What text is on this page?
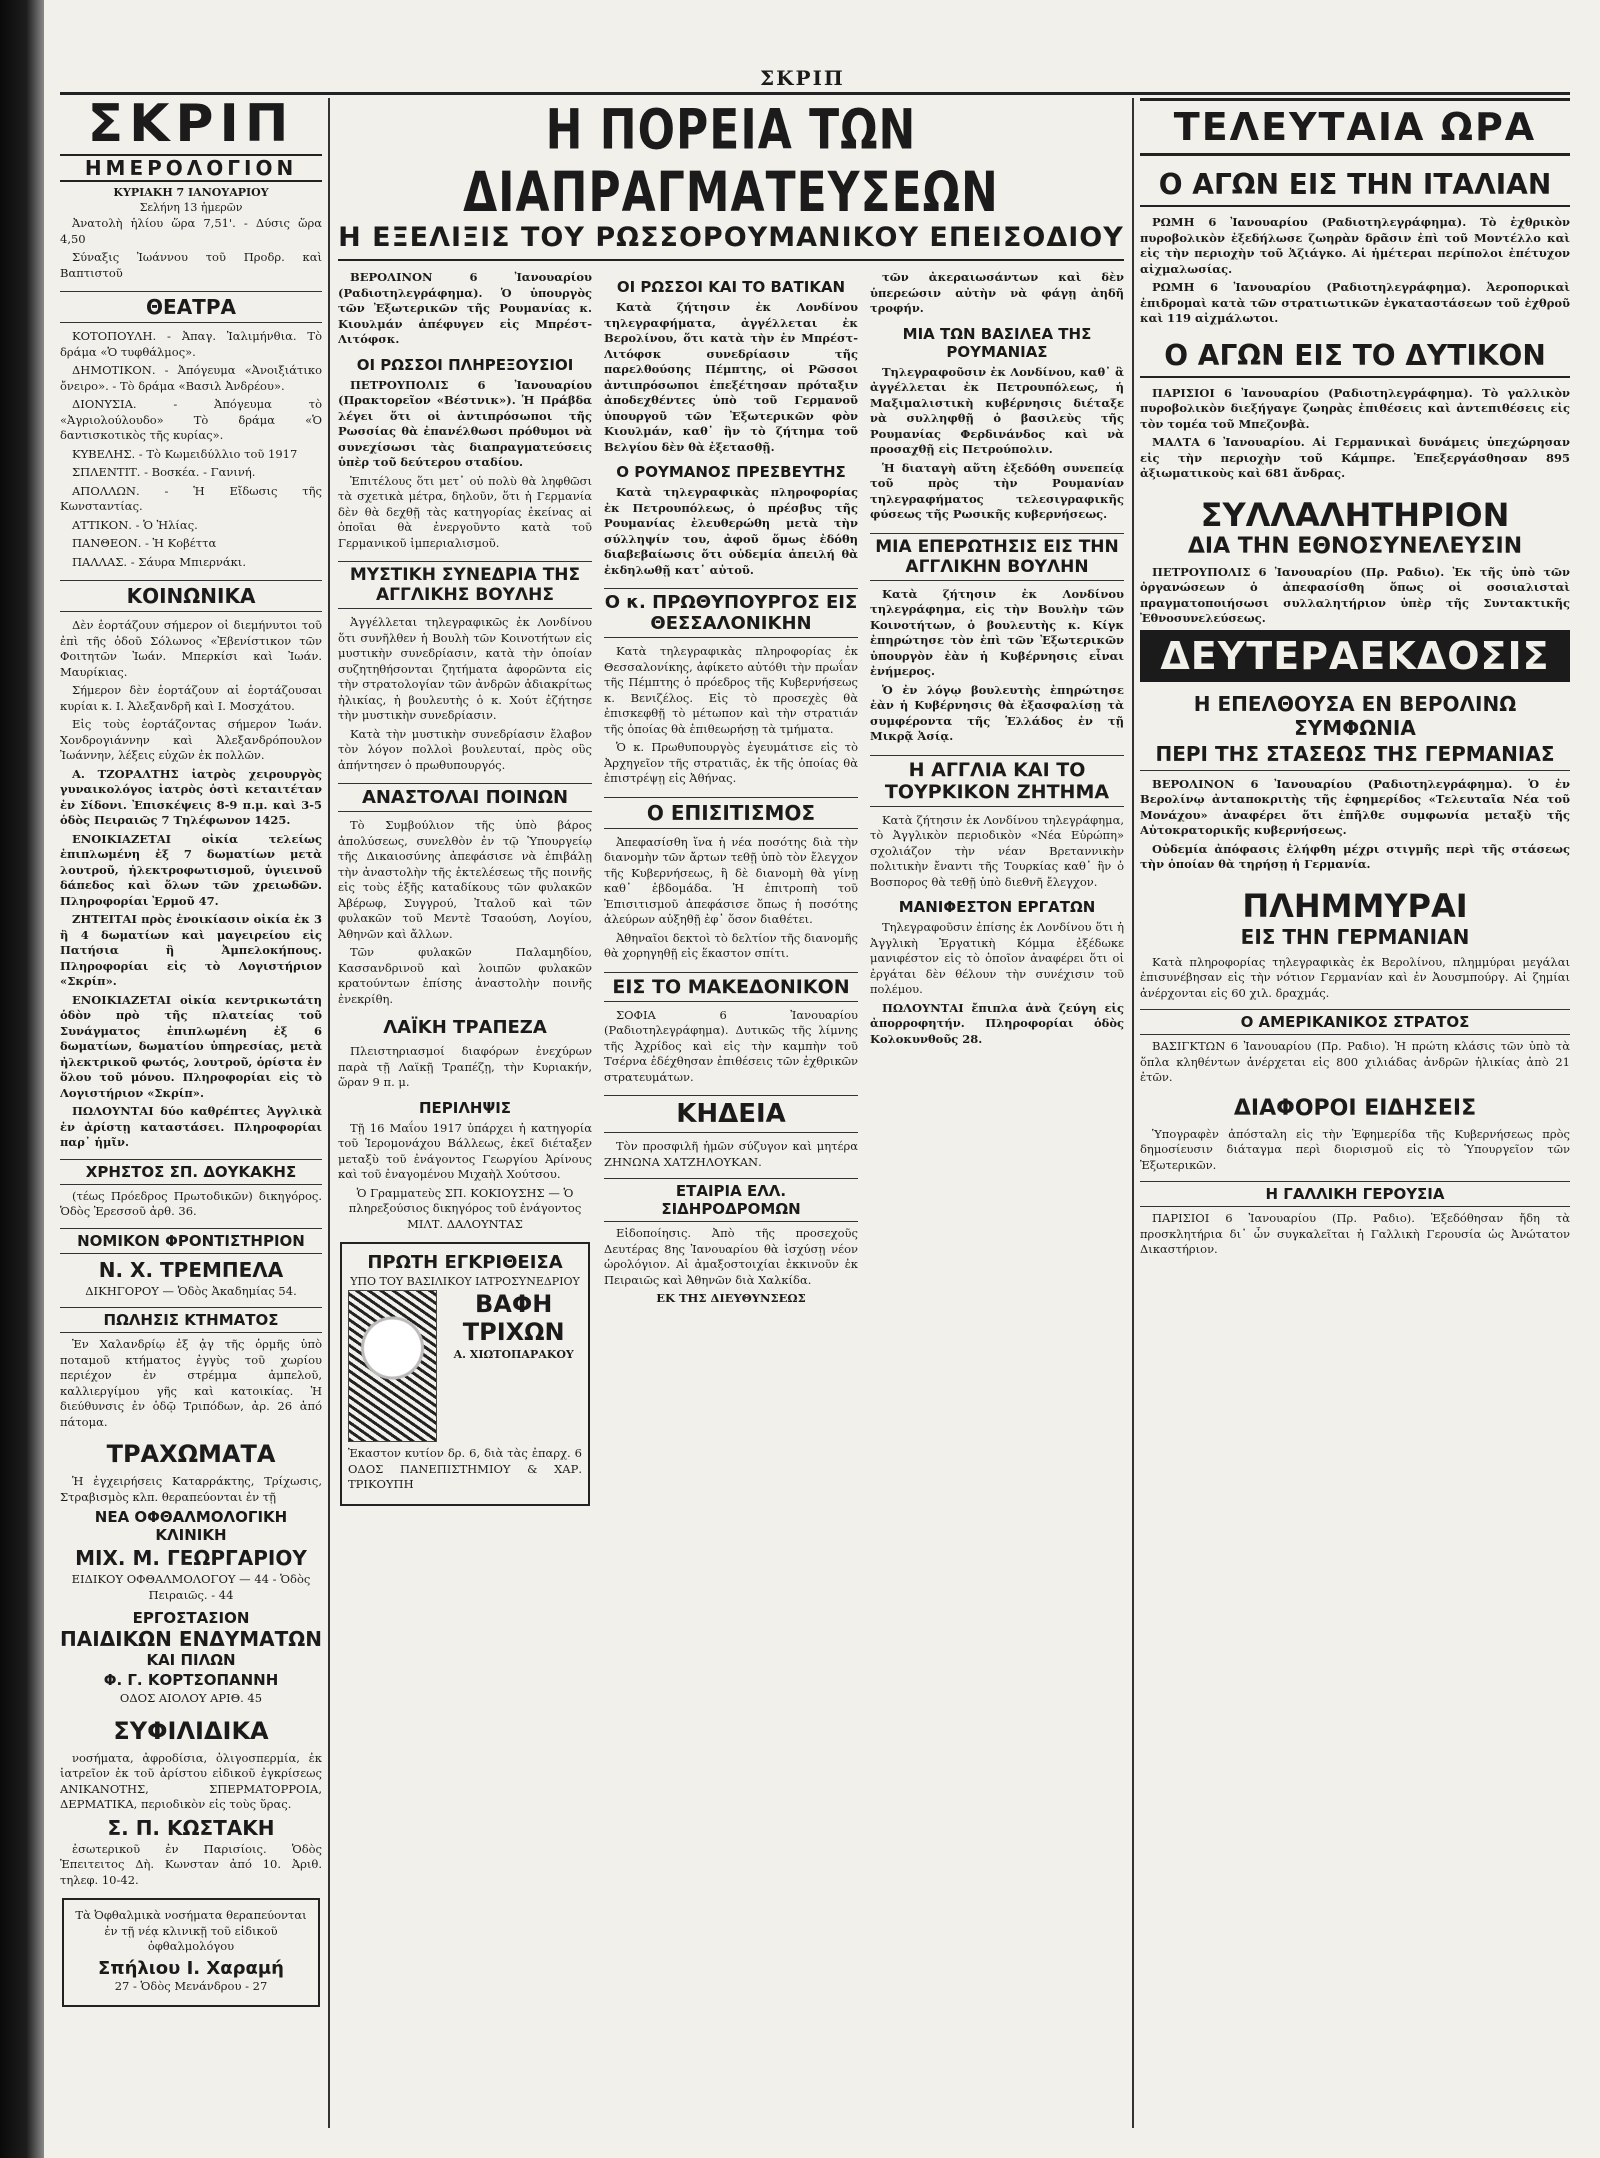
ΣΚΡΙΠ
ΣΚΡΙΠ
ΗΜΕΡΟΛΟΓΙΟΝ
ΚΥΡΙΑΚΗ 7 ΙΑΝΟΥΑΡΙΟΥ
Σελήνη 13 ἡμερῶν

Ἀνατολὴ ἡλίου ὥρα 7,51'. - Δύσις ὥρα 4,50

Σύναξις Ἰωάννου τοῦ Προδρ. καὶ Βαπτιστοῦ

ΘΕΑΤΡΑ

ΚΟΤΟΠΟΥΛΗ. - Ἀπαγ. Ἱαλιμήνθια. Τὸ δράμα «Ὁ τυφθάλμος».

ΔΗΜΟΤΙΚΟΝ. - Ἀπόγευμα «Ἀνοιξιάτικο ὄνειρο». - Τὸ δράμα «Βασιλ Ἀνδρέου».

ΔΙΟΝΥΣΙΑ. - Ἀπόγευμα τὸ «Ἀγριολούλουδο» Τὸ δράμα «Ὁ δαντισκοτικὸς τῆς κυρίας».

ΚΥΒΕΛΗΣ. - Τὸ Κωμειδύλλιο τοῦ 1917

ΣΠΛΕΝΤΙΤ. - Βοσκέα. - Γανινή.

ΑΠΟΛΛΩΝ. - Ἡ Εἴδωσις τῆς Κωνσταντίας.

ΑΤΤΙΚΟΝ. - Ὁ Ἠλίας.

ΠΑΝΘΕΟΝ. - Ἡ Κοβέττα

ΠΑΛΛΑΣ. - Σάυρα Μπιερνάκι.

ΚΟΙΝΩΝΙΚΑ

Δὲν ἑορτάζουν σήμερον οἱ διεμήνυτοι τοῦ ἐπὶ τῆς ὁδοῦ Σόλωνος «Ἐβενίστικον τῶν Φοιτητῶν Ἰωάν. Μπερκίσι καὶ Ἰωάν. Μαυρίκιας.

Σήμερον δὲν ἑορτάζουν αἱ ἑορτάζουσαι κυρίαι κ. Ι. Ἀλεξανδρῆ καὶ Ι. Μοσχάτου.

Εἰς τοὺς ἑορτάζοντας σήμερον Ἰωάν. Χονδρογιάννην καὶ Ἀλεξανδρόπουλον Ἰωάννην, λέξεις εὐχῶν ἐκ πολλῶν.

Α. ΤΖΟΡΑΛΤΗΣ ἰατρὸς χειρουργὸς γυναικολόγος ἰατρὸς ὁστὶ κεταιτέταν ἐν Σίδονι. Ἐπισκέψεις 8-9 π.μ. καὶ 3-5 ὁδὸς Πειραιῶς 7 Τηλέφωνον 1425.

ΕΝΟΙΚΙΑΖΕΤΑΙ οἰκία τελείως ἐπιπλωμένη ἐξ 7 δωματίων μετὰ λουτροῦ, ἠλεκτροφωτισμοῦ, ὑγιεινοῦ δάπεδος καὶ ὅλων τῶν χρειωδῶν. Πληροφορίαι Ἐρμοῦ 47.

ΖΗΤΕΙΤΑΙ πρὸς ἐνοικίασιν οἰκία ἐκ 3 ἢ 4 δωματίων καὶ μαγειρείου εἰς Πατήσια ἢ Ἀμπελοκήπους. Πληροφορίαι εἰς τὸ Λογιστήριον «Σκρίπ».

ΕΝΟΙΚΙΑΖΕΤΑΙ οἰκία κεντρικωτάτη ὁδὸν πρὸ τῆς πλατείας τοῦ Συνάγματος ἐπιπλωμένη ἐξ 6 δωματίων, δωματίου ὑπηρεσίας, μετὰ ἠλεκτρικοῦ φωτός, λουτροῦ, ὁρίστα ἐν ὅλου τοῦ μόνου. Πληροφορίαι εἰς τὸ Λογιστήριον «Σκρίπ».

ΠΩΛΟΥΝΤΑΙ δύο καθρέπτες Ἀγγλικὰ ἐν ἀρίστῃ καταστάσει. Πληροφορίαι παρ᾽ ἡμῖν.

ΧΡΗΣΤΟΣ ΣΠ. ΔΟΥΚΑΚΗΣ

(τέως Πρόεδρος Πρωτοδικῶν) δικηγόρος. Ὁδὸς Ἐρεσσοῦ ἀρθ. 36.

ΝΟΜΙΚΟΝ ΦΡΟΝΤΙΣΤΗΡΙΟΝ
Ν. Χ. ΤΡΕΜΠΕΛΑ

ΔΙΚΗΓΟΡΟΥ — Ὁδὸς Ἀκαδημίας 54.

ΠΩΛΗΣΙΣ ΚΤΗΜΑΤΟΣ

Ἐν Χαλανδρίῳ ἐξ ᾀγ τῆς ὁρμῆς ὑπὸ ποταμοῦ κτήματος ἐγγὺς τοῦ χωρίου περιέχον ἐν στρέμμα ἀμπελοῦ, καλλιεργίμου γῆς καὶ κατοικίας. Ἡ διεύθυνσις ἐν ὁδῷ Τριπόδων, ἀρ. 26 ἀπό πάτομα.

ΤΡΑΧΩΜΑΤΑ

Ἡ ἐγχειρήσεις Καταρράκτης, Τρίχωσις, Στραβισμὸς κλπ. θεραπεύονται ἐν τῇ

ΝΕΑ ΟΦΘΑΛΜΟΛΟΓΙΚΗ ΚΛΙΝΙΚΗ
ΜΙΧ. Μ. ΓΕΩΡΓΑΡΙΟΥ

ΕΙΔΙΚΟΥ ΟΦΘΑΛΜΟΛΟΓΟΥ — 44 - Ὁδὸς Πειραιῶς. - 44

ΕΡΓΟΣΤΑΣΙΟΝ
ΠΑΙΔΙΚΩΝ ΕΝΔΥΜΑΤΩΝ
ΚΑΙ ΠΙΛΩΝ
Φ. Γ. ΚΟΡΤΣΟΠΑΝΝΗ

ΟΔΟΣ ΑΙΟΛΟΥ ΑΡΙΘ. 45

ΣΥΦΙΛΙΔΙΚΑ

νοσήματα, ἀφροδίσια, ὀλιγοσπερμία, ἐκ ἰατρεῖον ἐκ τοῦ ἀρίστου εἰδικοῦ ἐγκρίσεως ΑΝΙΚΑΝΟΤΗΣ, ΣΠΕΡΜΑΤΟΡΡΟΙΑ, ΔΕΡΜΑΤΙΚΑ, περιοδικὸν εἰς τοὺς ὕρας.

Σ. Π. ΚΩΣΤΑΚΗ

ἐσωτερικοῦ ἐν Παρισίοις. Ὁδὸς Ἐπειτειτος Δὴ. Κωνσταν ἀπό 10. Ἀριθ. τηλεφ. 10-42.

Τὰ Ὀφθαλμικὰ νοσήματα θεραπεύονται ἐν τῇ νέᾳ κλινικῇ τοῦ εἰδικοῦ ὀφθαλμολόγου

Σπήλιου Ι. Χαραμή

27 - Ὁδὸς Μενάνδρου - 27

Η ΠΟΡΕΙΑ ΤΩΝ ΔΙΑΠΡΑΓΜΑΤΕΥΣΕΩΝ
Η ΕΞΕΛΙΞΙΣ ΤΟΥ ΡΩΣΣΟΡΟΥΜΑΝΙΚΟΥ ΕΠΕΙΣΟΔΙΟΥ

ΒΕΡΟΛΙΝΟΝ 6 Ἰανουαρίου (Ραδιοτηλεγράφημα). Ὁ ὑπουργὸς τῶν Ἐξωτερικῶν τῆς Ρουμανίας κ. Κιουλμάν ἀπέφυγεν εἰς Μπρέστ-Λιτόφσκ.

ΟΙ ΡΩΣΣΟΙ ΠΛΗΡΕΞΟΥΣΙΟΙ

ΠΕΤΡΟΥΠΟΛΙΣ 6 Ἰανουαρίου (Πρακτορεῖον «Βέστνικ»). Ἡ Πράβδα λέγει ὅτι οἱ ἀντιπρόσωποι τῆς Ρωσσίας θὰ ἐπανέλθωσι πρόθυμοι νὰ συνεχίσωσι τὰς διαπραγματεύσεις ὑπὲρ τοῦ δεύτερου σταδίου.

Ἐπιτέλους ὅτι μετ᾽ οὐ πολὺ θὰ ληφθῶσι τὰ σχετικὰ μέτρα, δηλοῦν, ὅτι ἡ Γερμανία δὲν θὰ δεχθῇ τὰς κατηγορίας ἐκείνας αἱ ὁποῖαι θὰ ἐνεργοῦντο κατὰ τοῦ Γερμανικοῦ ἰμπεριαλισμοῦ.

ΜΥΣΤΙΚΗ ΣΥΝΕΔΡΙΑ ΤΗΣ ΑΓΓΛΙΚΗΣ ΒΟΥΛΗΣ

Ἀγγέλλεται τηλεγραφικῶς ἐκ Λονδίνου ὅτι συνῆλθεν ἡ Βουλὴ τῶν Κοινοτήτων εἰς μυστικὴν συνεδρίασιν, κατὰ τὴν ὁποίαν συζητηθήσονται ζητήματα ἀφορῶντα εἰς τὴν στρατολογίαν τῶν ἀνδρῶν ἀδιακρίτως ἡλικίας, ἡ βουλευτὴς ὁ κ. Χούτ ἐζήτησε τὴν μυστικὴν συνεδρίασιν.

Κατὰ τὴν μυστικὴν συνεδρίασιν ἔλαβον τὸν λόγον πολλοὶ βουλευταί, πρὸς οὓς ἀπήντησεν ὁ πρωθυπουργός.

ΑΝΑΣΤΟΛΑΙ ΠΟΙΝΩΝ

Τὸ Συμβούλιον τῆς ὑπὸ βάρος ἀπολύσεως, συνελθὸν ἐν τῷ Ὑπουργείῳ τῆς Δικαιοσύνης ἀπεφάσισε νὰ ἐπιβάλῃ τὴν ἀναστολὴν τῆς ἐκτελέσεως τῆς ποινῆς εἰς τοὺς ἑξῆς καταδίκους τῶν φυλακῶν Ἀβέρωφ, Συγγρού, Ἰταλοῦ καὶ τῶν φυλακῶν τοῦ Μεντὲ Τσαούση, Λογίου, Ἀθηνῶν καὶ ἄλλων.

Τῶν φυλακῶν Παλαμηδίου, Κασσανδρινοῦ καὶ λοιπῶν φυλακῶν κρατούντων ἐπίσης ἀναστολὴν ποινῆς ἐνεκρίθη.

ΛΑΪΚΗ ΤΡΑΠΕΖΑ

Πλειστηριασμοί διαφόρων ἐνεχύρων παρὰ τῇ Λαϊκῇ Τραπέζῃ, τὴν Κυριακήν, ὥραν 9 π. μ.

ΠΕΡΙΛΗΨΙΣ

Τῇ 16 Μαΐου 1917 ὑπάρχει ἡ κατηγορία τοῦ Ἱερομονάχου Βάλλεως, ἐκεῖ διέταξεν μεταξὺ τοῦ ἐνάγοντος Γεωργίου Ἀρίνους καὶ τοῦ ἐναγομένου Μιχαὴλ Χούτσου.

Ὁ Γραμματεὺς ΣΠ. ΚΟΚΙΟΥΣΗΣ — Ὁ πληρεξούσιος δικηγόρος τοῦ ἐνάγοντος ΜΙΛΤ. ΔΑΛΟΥΝΤΑΣ

ΠΡΩΤΗ ΕΓΚΡΙΘΕΙΣΑ
ΥΠΟ ΤΟΥ ΒΑΣΙΛΙΚΟΥ ΙΑΤΡΟΣΥΝΕΔΡΙΟΥ
ΒΑΦΗ ΤΡΙΧΩΝ
Α. ΧΙΩΤΟΠΑΡΑΚΟΥ

Ἐκαστον κυτίον δρ. 6, διὰ τὰς ἐπαρχ. 6 ΟΔΟΣ ΠΑΝΕΠΙΣΤΗΜΙΟΥ & ΧΑΡ. ΤΡΙΚΟΥΠΗ

ΟΙ ΡΩΣΣΟΙ ΚΑΙ ΤΟ ΒΑΤΙΚΑΝ

Κατὰ ζήτησιν ἐκ Λονδίνου τηλεγραφήματα, ἀγγέλλεται ἐκ Βερολίνου, ὅτι κατὰ τὴν ἐν Μπρέστ-Λιτόφσκ συνεδρίασιν τῆς παρελθούσης Πέμπτης, οἱ Ρῶσσοι ἀντιπρόσωποι ἐπεξέτησαν πρόταξιν ἀποδεχθέντες ὑπὸ τοῦ Γερμανοῦ ὑπουργοῦ τῶν Ἐξωτερικῶν φὸν Κιουλμάν, καθ᾽ ἣν τὸ ζήτημα τοῦ Βελγίου δὲν θὰ ἐξετασθῇ.

Ο ΡΟΥΜΑΝΟΣ ΠΡΕΣΒΕΥΤΗΣ

Κατὰ τηλεγραφικὰς πληροφορίας ἐκ Πετρουπόλεως, ὁ πρέσβυς τῆς Ρουμανίας ἐλευθερώθη μετὰ τὴν σύλληψίν του, ἀφοῦ ὅμως ἐδόθη διαβεβαίωσις ὅτι οὐδεμία ἀπειλή θὰ ἐκδηλωθῇ κατ᾽ αὐτοῦ.

Ο κ. ΠΡΩΘΥΠΟΥΡΓΟΣ ΕΙΣ ΘΕΣΣΑΛΟΝΙΚΗΝ

Κατὰ τηλεγραφικὰς πληροφορίας ἐκ Θεσσαλονίκης, ἀφίκετο αὐτόθι τὴν πρωΐαν τῆς Πέμπτης ὁ πρόεδρος τῆς Κυβερνήσεως κ. Βενιζέλος. Εἰς τὸ προσεχὲς θὰ ἐπισκεφθῇ τὸ μέτωπον καὶ τὴν στρατιάν τῆς ὁποίας θὰ ἐπιθεωρήσῃ τὰ τμήματα.

Ὁ κ. Πρωθυπουργὸς ἐγευμάτισε εἰς τὸ Ἀρχηγεῖον τῆς στρατιᾶς, ἐκ τῆς ὁποίας θὰ ἐπιστρέψῃ εἰς Ἀθήνας.

Ο ΕΠΙΣΙΤΙΣΜΟΣ

Ἀπεφασίσθη ἵνα ἡ νέα ποσότης διὰ τὴν διανομὴν τῶν ἄρτων τεθῇ ὑπὸ τὸν ἔλεγχον τῆς Κυβερνήσεως, ἣ δὲ διανομὴ θὰ γίνῃ καθ᾽ ἑβδομάδα. Ἡ ἐπιτροπὴ τοῦ Ἐπισιτισμοῦ ἀπεφάσισε ὅπως ἡ ποσότης ἀλεύρων αὐξηθῇ ἐφ᾽ ὅσον διαθέτει.

Ἀθηναῖοι δεκτοὶ τὸ δελτίον τῆς διανομῆς θὰ χορηγηθῇ εἰς ἕκαστον σπίτι.

ΕΙΣ ΤΟ ΜΑΚΕΔΟΝΙΚΟΝ

ΣΟΦΙΑ 6 Ἰανουαρίου (Ραδιοτηλεγράφημα). Δυτικῶς τῆς λίμνης τῆς Ἀχρίδος καὶ εἰς τὴν καμπὴν τοῦ Τσέρνα ἐδέχθησαν ἐπιθέσεις τῶν ἐχθρικῶν στρατευμάτων.

ΚΗΔΕΙΑ

Τὸν προσφιλῆ ἡμῶν σύζυγον καὶ μητέρα ΖΗΝΩΝΑ ΧΑΤΖΗΛΟΥΚΑΝ.

ΕΤΑΙΡΙΑ ΕΛΛ. ΣΙΔΗΡΟΔΡΟΜΩΝ

Εἰδοποίησις. Ἀπὸ τῆς προσεχοῦς Δευτέρας 8ης Ἰανουαρίου θὰ ἰσχύσῃ νέον ὡρολόγιον. Αἱ ἀμαξοστοιχίαι ἐκκινοῦν ἐκ Πειραιῶς καὶ Ἀθηνῶν διὰ Χαλκίδα.

ΕΚ ΤΗΣ ΔΙΕΥΘΥΝΣΕΩΣ

τῶν ἀκεραιωσάντων καὶ δὲν ὑπερεώσιν αὐτὴν νὰ φάγῃ ἀηδῆ τροφήν.

ΜΙΑ ΤΩΝ ΒΑΣΙΛΕΑ ΤΗΣ ΡΟΥΜΑΝΙΑΣ

Τηλεγραφοῦσιν ἐκ Λονδίνου, καθ᾽ ἃ ἀγγέλλεται ἐκ Πετρουπόλεως, ἡ Μαξιμαλιστικὴ κυβέρνησις διέταξε νὰ συλληφθῇ ὁ βασιλεὺς τῆς Ρουμανίας Φερδινάνδος καὶ νὰ προσαχθῇ εἰς Πετρούπολιν.

Ἡ διαταγὴ αὕτη ἐξεδόθη συνεπείᾳ τοῦ πρὸς τὴν Ρουμανίαν τηλεγραφήματος τελεσιγραφικῆς φύσεως τῆς Ρωσικῆς κυβερνήσεως.

ΜΙΑ ΕΠΕΡΩΤΗΣΙΣ ΕΙΣ ΤΗΝ ΑΓΓΛΙΚΗΝ ΒΟΥΛΗΝ

Κατὰ ζήτησιν ἐκ Λονδίνου τηλεγράφημα, εἰς τὴν Βουλὴν τῶν Κοινοτήτων, ὁ βουλευτὴς κ. Κίγκ ἐπηρώτησε τὸν ἐπὶ τῶν Ἐξωτερικῶν ὑπουργὸν ἐὰν ἡ Κυβέρνησις εἶναι ἐνήμερος.

Ὁ ἐν λόγῳ βουλευτὴς ἐπηρώτησε ἐὰν ἡ Κυβέρνησις θὰ ἐξασφαλίσῃ τὰ συμφέροντα τῆς Ἑλλάδος ἐν τῇ Μικρᾷ Ἀσίᾳ.

Η ΑΓΓΛΙΑ ΚΑΙ ΤΟ ΤΟΥΡΚΙΚΟΝ ΖΗΤΗΜΑ

Κατὰ ζήτησιν ἐκ Λονδίνου τηλεγράφημα, τὸ Ἀγγλικὸν περιοδικὸν «Νέα Εὐρώπη» σχολιάζον τὴν νέαν Βρεταννικὴν πολιτικὴν ἔναντι τῆς Τουρκίας καθ᾽ ἣν ὁ Βοσπορος θὰ τεθῇ ὑπὸ διεθνῆ ἔλεγχον.

ΜΑΝΙΦΕΣΤΟΝ ΕΡΓΑΤΩΝ

Τηλεγραφοῦσιν ἐπίσης ἐκ Λονδίνου ὅτι ἡ Ἀγγλικὴ Ἐργατικὴ Κόμμα ἐξέδωκε μανιφέστον εἰς τὸ ὁποῖον ἀναφέρει ὅτι οἱ ἐργάται δὲν θέλουν τὴν συνέχισιν τοῦ πολέμου.

ΠΩΛΟΥΝΤΑΙ ἔπιπλα ἀνὰ ζεύγη εἰς ἀπορροφητήν. Πληροφορίαι ὁδὸς Κολοκυνθοῦς 28.

ΤΕΛΕΥΤΑΙΑ ΩΡΑ
Ο ΑΓΩΝ ΕΙΣ ΤΗΝ ΙΤΑΛΙΑΝ

ΡΩΜΗ 6 Ἰανουαρίου (Ραδιοτηλεγράφημα). Τὸ ἐχθρικὸν πυροβολικὸν ἐξεδήλωσε ζωηρὰν δρᾶσιν ἐπὶ τοῦ Μοντέλλο καὶ εἰς τὴν περιοχὴν τοῦ Ἀζιάγκο. Αἱ ἡμέτεραι περίπολοι ἐπέτυχον αἰχμαλωσίας.

ΡΩΜΗ 6 Ἰανουαρίου (Ραδιοτηλεγράφημα). Ἀεροπορικαὶ ἐπιδρομαὶ κατὰ τῶν στρατιωτικῶν ἐγκαταστάσεων τοῦ ἐχθροῦ καὶ 119 αἰχμάλωτοι.

Ο ΑΓΩΝ ΕΙΣ ΤΟ ΔΥΤΙΚΟΝ

ΠΑΡΙΣΙΟΙ 6 Ἰανουαρίου (Ραδιοτηλεγράφημα). Τὸ γαλλικὸν πυροβολικὸν διεξήγαγε ζωηρὰς ἐπιθέσεις καὶ ἀντεπιθέσεις εἰς τὸν τομέα τοῦ Μπεζονβὰ.

ΜΑΛΤΑ 6 Ἰανουαρίου. Αἱ Γερμανικαὶ δυνάμεις ὑπεχώρησαν εἰς τὴν περιοχὴν τοῦ Κάμπρε. Ἐπεξεργάσθησαν 895 ἀξιωματικοὺς καὶ 681 ἄνδρας.

ΣΥΛΛΑΛΗΤΗΡΙΟΝ
ΔΙΑ ΤΗΝ ΕΘΝΟΣΥΝΕΛΕΥΣΙΝ

ΠΕΤΡΟΥΠΟΛΙΣ 6 Ἰανουαρίου (Πρ. Ραδιο). Ἐκ τῆς ὑπὸ τῶν ὀργανώσεων ὁ ἀπεφασίσθη ὅπως οἱ σοσιαλισταὶ πραγματοποιήσωσι συλλαλητήριον ὑπὲρ τῆς Συντακτικῆς Ἐθνοσυνελεύσεως.

ΔΕΥΤΕΡΑΕΚΔΟΣΙΣ
Η ΕΠΕΛΘΟΥΣΑ ΕΝ ΒΕΡΟΛΙΝΩ ΣΥΜΦΩΝΙΑ
ΠΕΡΙ ΤΗΣ ΣΤΑΣΕΩΣ ΤΗΣ ΓΕΡΜΑΝΙΑΣ

ΒΕΡΟΛΙΝΟΝ 6 Ἰανουαρίου (Ραδιοτηλεγράφημα). Ὁ ἐν Βερολίνῳ ἀνταποκριτὴς τῆς ἐφημερίδος «Τελευταῖα Νέα τοῦ Μονάχου» ἀναφέρει ὅτι ἐπῆλθε συμφωνία μεταξὺ τῆς Αὐτοκρατορικῆς κυβερνήσεως.

Οὐδεμία ἀπόφασις ἐλήφθη μέχρι στιγμῆς περὶ τῆς στάσεως τὴν ὁποίαν θὰ τηρήσῃ ἡ Γερμανία.

ΠΛΗΜΜΥΡΑΙ
ΕΙΣ ΤΗΝ ΓΕΡΜΑΝΙΑΝ

Κατὰ πληροφορίας τηλεγραφικὰς ἐκ Βερολίνου, πλημμύραι μεγάλαι ἐπισυνέβησαν εἰς τὴν νότιον Γερμανίαν καὶ ἐν Ἀουσμπούργ. Αἱ ζημίαι ἀνέρχονται εἰς 60 χιλ. δραχμάς.

Ο ΑΜΕΡΙΚΑΝΙΚΟΣ ΣΤΡΑΤΟΣ

ΒΑΣΙΓΚΤΩΝ 6 Ἰανουαρίου (Πρ. Ραδιο). Ἡ πρώτη κλάσις τῶν ὑπὸ τὰ ὅπλα κληθέντων ἀνέρχεται εἰς 800 χιλιάδας ἀνδρῶν ἡλικίας ἀπὸ 21 ἐτῶν.

ΔΙΑΦΟΡΟΙ ΕΙΔΗΣΕΙΣ

Ὑπογραφὲν ἀπόσταλη εἰς τὴν Ἐφημερίδα τῆς Κυβερνήσεως πρὸς δημοσίευσιν διάταγμα περὶ διορισμοῦ εἰς τὸ Ὑπουργεῖον τῶν Ἐξωτερικῶν.

Η ΓΑΛΛΙΚΗ ΓΕΡΟΥΣΙΑ

ΠΑΡΙΣΙΟΙ 6 Ἰανουαρίου (Πρ. Ραδιο). Ἐξεδόθησαν ἤδη τὰ προσκλητήρια δι᾽ ὧν συγκαλεῖται ἡ Γαλλικὴ Γερουσία ὡς Ἀνώτατον Δικαστήριον.
